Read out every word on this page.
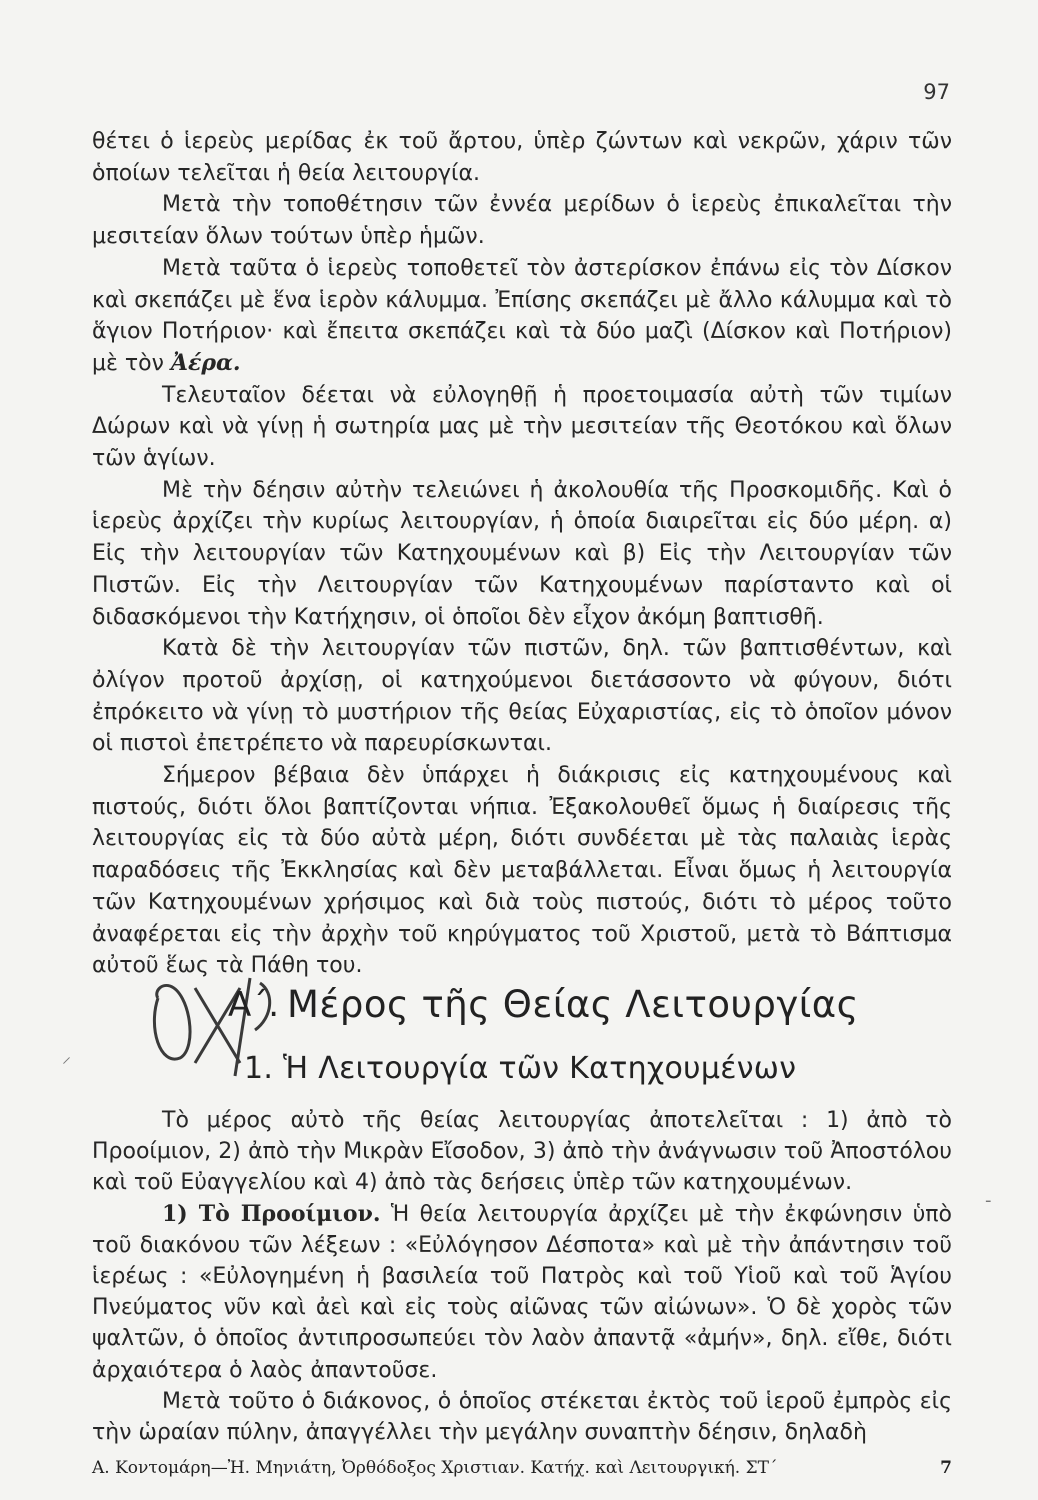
97

θέτει ὁ ἱερεὺς μερίδας ἐκ τοῦ ἄρτου, ὑπὲρ ζώντων καὶ νεκρῶν, χάριν τῶν ὁποίων τελεῖται ἡ θεία λειτουργία.

Μετὰ τὴν τοποθέτησιν τῶν ἐννέα μερίδων ὁ ἱερεὺς ἐπικαλεῖται τὴν μεσιτείαν ὅλων τούτων ὑπὲρ ἡμῶν.

Μετὰ ταῦτα ὁ ἱερεὺς τοποθετεῖ τὸν ἀστερίσκον ἐπάνω εἰς τὸν Δίσκον καὶ σκεπάζει μὲ ἕνα ἱερὸν κάλυμμα. Ἐπίσης σκεπάζει μὲ ἄλλο κάλυμμα καὶ τὸ ἅγιον Ποτήριον· καὶ ἔπειτα σκεπάζει καὶ τὰ δύο μαζὶ (Δίσκον καὶ Ποτήριον) μὲ τὸν Ἀέρα.

Τελευταῖον δέεται νὰ εὐλογηθῇ ἡ προετοιμασία αὐτὴ τῶν τιμίων Δώρων καὶ νὰ γίνῃ ἡ σωτηρία μας μὲ τὴν μεσιτείαν τῆς Θεοτόκου καὶ ὅλων τῶν ἁγίων.

Μὲ τὴν δέησιν αὐτὴν τελειώνει ἡ ἀκολουθία τῆς Προσκομιδῆς. Καὶ ὁ ἱερεὺς ἀρχίζει τὴν κυρίως λειτουργίαν, ἡ ὁποία διαιρεῖται εἰς δύο μέρη. α) Εἰς τὴν λειτουργίαν τῶν Κατηχουμένων καὶ β) Εἰς τὴν Λειτουργίαν τῶν Πιστῶν. Εἰς τὴν Λειτουργίαν τῶν Κατηχουμένων παρίσταντο καὶ οἱ διδασκόμενοι τὴν Κατήχησιν, οἱ ὁποῖοι δὲν εἶχον ἀκόμη βαπτισθῆ.

Κατὰ δὲ τὴν λειτουργίαν τῶν πιστῶν, δηλ. τῶν βαπτισθέντων, καὶ ὀλίγον προτοῦ ἀρχίσῃ, οἱ κατηχούμενοι διετάσσοντο νὰ φύγουν, διότι ἐπρόκειτο νὰ γίνῃ τὸ μυστήριον τῆς θείας Εὐχαριστίας, εἰς τὸ ὁποῖον μόνον οἱ πιστοὶ ἐπετρέπετο νὰ παρευρίσκωνται.

Σήμερον βέβαια δὲν ὑπάρχει ἡ διάκρισις εἰς κατηχουμένους καὶ πιστούς, διότι ὅλοι βαπτίζονται νήπια. Ἐξακολουθεῖ ὅμως ἡ διαίρεσις τῆς λειτουργίας εἰς τὰ δύο αὐτὰ μέρη, διότι συνδέεται μὲ τὰς παλαιὰς ἱερὰς παραδόσεις τῆς Ἐκκλησίας καὶ δὲν μεταβάλλεται. Εἶναι ὅμως ἡ λειτουργία τῶν Κατηχουμένων χρήσιμος καὶ διὰ τοὺς πιστούς, διότι τὸ μέρος τοῦτο ἀναφέρεται εἰς τὴν ἀρχὴν τοῦ κηρύγματος τοῦ Χριστοῦ, μετὰ τὸ Βάπτισμα αὐτοῦ ἕως τὰ Πάθη του.

Α΄. Μέρος τῆς Θείας Λειτουργίας
1. Ἡ Λειτουργία τῶν Κατηχουμένων

Τὸ μέρος αὐτὸ τῆς θείας λειτουργίας ἀποτελεῖται : 1) ἀπὸ τὸ Προοίμιον, 2) ἀπὸ τὴν Μικρὰν Εἴσοδον, 3) ἀπὸ τὴν ἀνάγνωσιν τοῦ Ἀποστόλου καὶ τοῦ Εὐαγγελίου καὶ 4) ἀπὸ τὰς δεήσεις ὑπὲρ τῶν κατηχουμένων.

1) Τὸ Προοίμιον. Ἡ θεία λειτουργία ἀρχίζει μὲ τὴν ἐκφώνησιν ὑπὸ τοῦ διακόνου τῶν λέξεων : «Εὐλόγησον Δέσποτα» καὶ μὲ τὴν ἀπάντησιν τοῦ ἱερέως : «Εὐλογημένη ἡ βασιλεία τοῦ Πατρὸς καὶ τοῦ Υἱοῦ καὶ τοῦ Ἁγίου Πνεύματος νῦν καὶ ἀεὶ καὶ εἰς τοὺς αἰῶνας τῶν αἰώνων». Ὁ δὲ χορὸς τῶν ψαλτῶν, ὁ ὁποῖος ἀντιπροσωπεύει τὸν λαὸν ἀπαντᾷ «ἀμήν», δηλ. εἴθε, διότι ἀρχαιότερα ὁ λαὸς ἀπαντοῦσε.

Μετὰ τοῦτο ὁ διάκονος, ὁ ὁποῖος στέκεται ἐκτὸς τοῦ ἱεροῦ ἐμπρὸς εἰς τὴν ὡραίαν πύλην, ἀπαγγέλλει τὴν μεγάλην συναπτὴν δέησιν, δηλαδὴ

⸍
-
Α. Κοντομάρη—Ἠ. Μηνιάτη, Ὀρθόδοξος Χριστιαν. Κατήχ. καὶ Λειτουργική. ΣΤ΄	7
